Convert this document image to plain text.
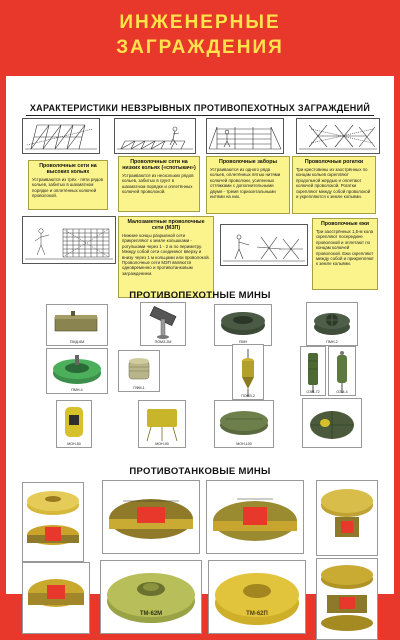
ИНЖЕНЕРНЫЕ
ЗАГРАЖДЕНИЯ
ХАРАКТЕРИСТИКИ НЕВЗРЫВНЫХ ПРОТИВОПЕХОТНЫХ ЗАГРАЖДЕНИЙ
Проволочные сети на высоких кольях
Устраиваются из трёх - пяти рядов кольев, забитых в шахматном порядке и оплетённых колючей проволокой.
Проволочные сети на низких кольях («спотыкач»)
Устраиваются из нескольких рядов кольев, забитых в грунт в шахматном порядке и оплетённых колючей проволокой.
Проволочные заборы
Устраиваются из одного ряда кольев, оплетённых пятью нитями колючей проволоки, усиленных оттяжками с дополнительными двумя - тремя горизонтальными нитями на них.
Проволочные рогатки
Три крестовины из заострённых по концам кольев скрепляют продольной жердью и оплетают колючей проволокой. Рогатки скрепляют между собой проволокой и укрепляются к земле кольями.
Малозаметные проволочные сети (МЗП)
Нижние концы разрывной сети прикрепляют к земле кольшками - рогульками через 1 - 2 м по периметру. Между собой сети соединяют вверху и внизу через 1 м кольцами или проволокой. Проволочные сети МЗП являются одновременно и противотанковым заграждением.
Проволочные ежи
Три заострённых 1,5-м кола скрепляют посередине проволокой и оплетают по концам колючей проволокой. Ежи скрепляют между собой и прикрепляют к земле кольями.
ПРОТИВОПЕХОТНЫЕ МИНЫ
ПМД-6М	ПОМЗ-2М	ПМН	ПМН-2
ПМН-4	ПФМ-1
ПОМЗ-2
ОЗМ-72	ОЗМ-4
МОН-50	МОН-90	МОН-100
ПРОТИВОТАНКОВЫЕ МИНЫ
ТМ-62М	ТМ-62П
